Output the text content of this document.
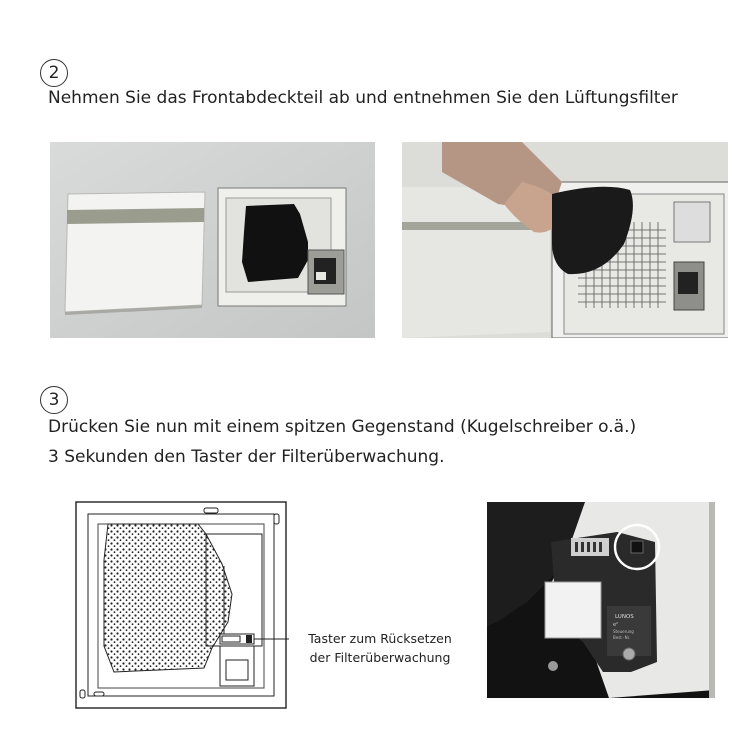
2
Nehmen Sie das Frontabdeckteil ab und entnehmen Sie den Lüftungsfilter
3
Drücken Sie nun mit einem spitzen Gegenstand (Kugelschreiber o.ä.)
3 Sekunden den Taster der Filterüberwachung.
Taster zum Rücksetzen
der Filterüberwachung
LUNOS
e²
Steuerung
Best.-Nr.
